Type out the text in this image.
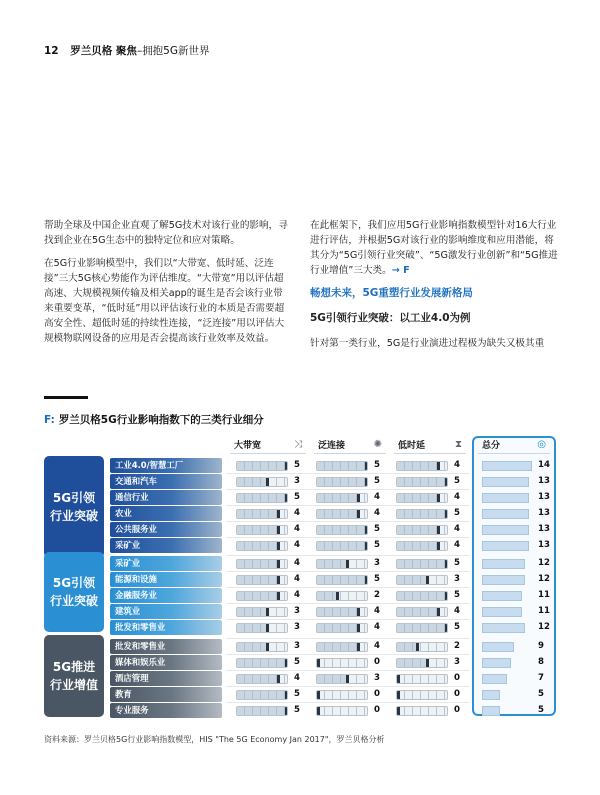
12 罗兰贝格 聚焦–拥抱5G新世界

帮助全球及中国企业直观了解5G技术对该行业的影响，寻找到企业在5G生态中的独特定位和应对策略。

在5G行业影响模型中，我们以“大带宽、低时延、泛连接”三大5G核心势能作为评估维度。“大带宽”用以评估超高速、大规模视频传输及相关app的诞生是否会该行业带来重要变革，“低时延”用以评估该行业的本质是否需要超高安全性、超低时延的持续性连接，“泛连接”用以评估大规模物联网设备的应用是否会提高该行业效率及效益。

在此框架下，我们应用5G行业影响指数模型针对16大行业进行评估，并根据5G对该行业的影响维度和应用潜能，将其分为“5G引领行业突破”、“5G激发行业创新”和“5G推进行业增值”三大类。→ F

畅想未来，5G重塑行业发展新格局
5G引领行业突破：以工业4.0为例

针对第一类行业，5G是行业演进过程极为缺失又极其重

F: 罗兰贝格5G行业影响指数下的三类行业细分
大带宽	⤨ 泛连接	✺ 低时延	⧗ 总分	◎
5G引领
行业突破
5G引领
行业突破
5G推进
行业增值
工业4.0/智慧工厂	5	5	4	14
交通和汽车	3	5	5	13
通信行业	5	4	4	13
农业	4	4	5	13
公共服务业	4	5	4	13
采矿业	4	5	4	13
采矿业	4	3	5	12
能源和设施	4	5	3	12
金融服务业	4	2	5	11
建筑业	3	4	4	11
批发和零售业	3	4	5	12
批发和零售业	3	4	2	9
媒体和娱乐业	5	0	3	8
酒店管理	4	3	0	7
教育	5	0	0	5
专业服务	5	0	0	5
资料来源：罗兰贝格5G行业影响指数模型，HIS "The 5G Economy Jan 2017"，罗兰贝格分析
